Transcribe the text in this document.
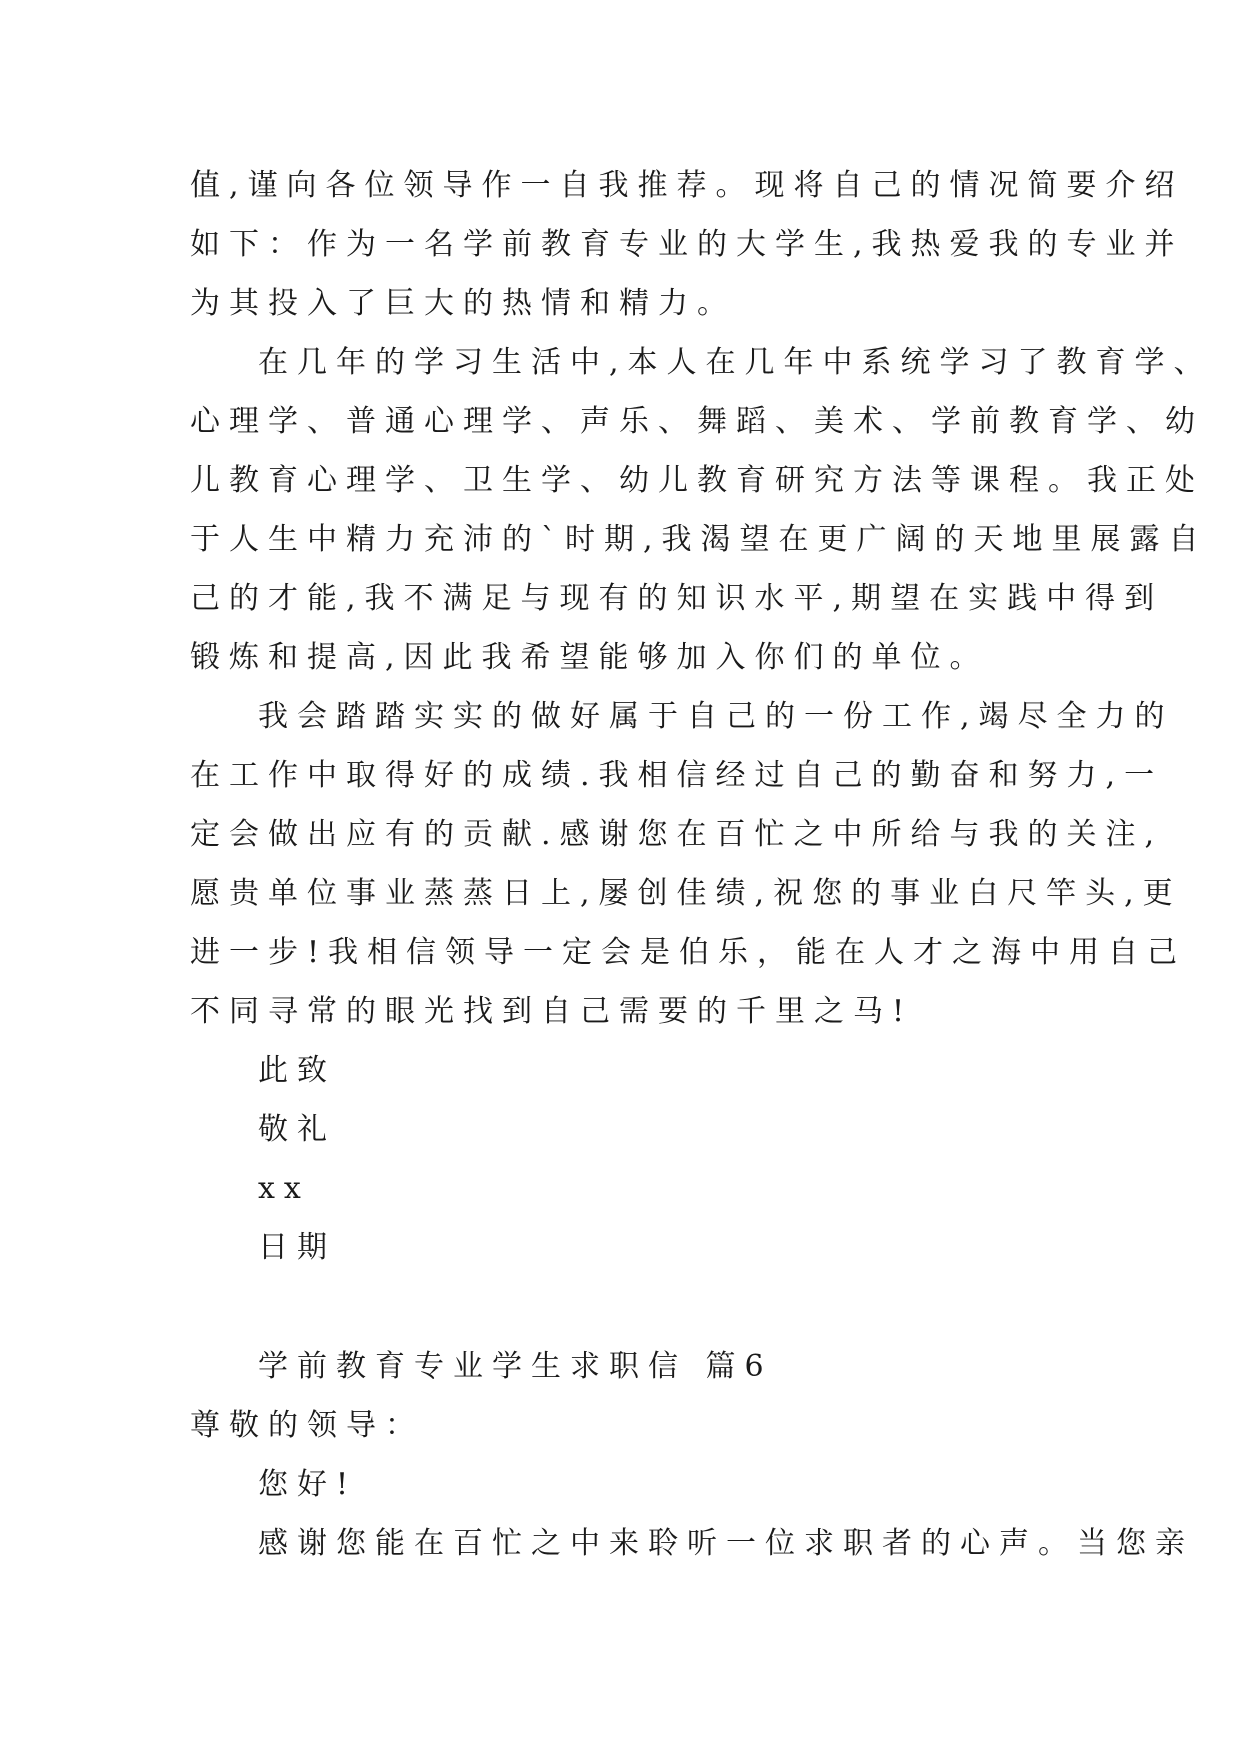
值,谨向各位领导作一自我推荐。现将自己的情况简要介绍
如下：作为一名学前教育专业的大学生,我热爱我的专业并
为其投入了巨大的热情和精力。
在几年的学习生活中,本人在几年中系统学习了教育学、
心理学、普通心理学、声乐、舞蹈、美术、学前教育学、幼
儿教育心理学、卫生学、幼儿教育研究方法等课程。我正处
于人生中精力充沛的`时期,我渴望在更广阔的天地里展露自
己的才能,我不满足与现有的知识水平,期望在实践中得到
锻炼和提高,因此我希望能够加入你们的单位。
我会踏踏实实的做好属于自己的一份工作,竭尽全力的
在工作中取得好的成绩.我相信经过自己的勤奋和努力,一
定会做出应有的贡献.感谢您在百忙之中所给与我的关注,
愿贵单位事业蒸蒸日上,屡创佳绩,祝您的事业白尺竿头,更
进一步!我相信领导一定会是伯乐，能在人才之海中用自己
不同寻常的眼光找到自己需要的千里之马!
此致
敬礼
xx
日期
学前教育专业学生求职信 篇6
尊敬的领导：
您好!
感谢您能在百忙之中来聆听一位求职者的心声。当您亲
